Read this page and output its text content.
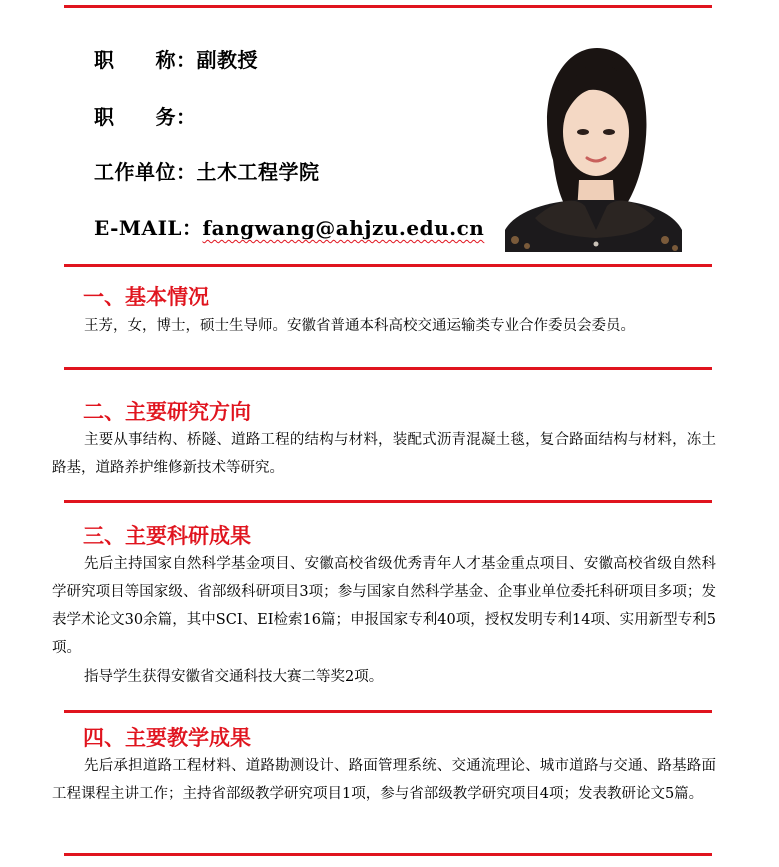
职　　称：副教授
职　　务：
工作单位：土木工程学院
E-MAIL：fangwang@ahjzu.edu.cn
一、基本情况

王芳，女，博士，硕士生导师。安徽省普通本科高校交通运输类专业合作委员会委员。

二、主要研究方向

主要从事结构、桥隧、道路工程的结构与材料，装配式沥青混凝土毯，复合路面结构与材料，冻土路基，道路养护维修新技术等研究。

三、主要科研成果

先后主持国家自然科学基金项目、安徽高校省级优秀青年人才基金重点项目、安徽高校省级自然科学研究项目等国家级、省部级科研项目3项；参与国家自然科学基金、企事业单位委托科研项目多项；发表学术论文30余篇，其中SCI、EI检索16篇；申报国家专利40项，授权发明专利14项、实用新型专利5项。

指导学生获得安徽省交通科技大赛二等奖2项。

四、主要教学成果

先后承担道路工程材料、道路勘测设计、路面管理系统、交通流理论、城市道路与交通、路基路面工程课程主讲工作；主持省部级教学研究项目1项，参与省部级教学研究项目4项；发表教研论文5篇。
